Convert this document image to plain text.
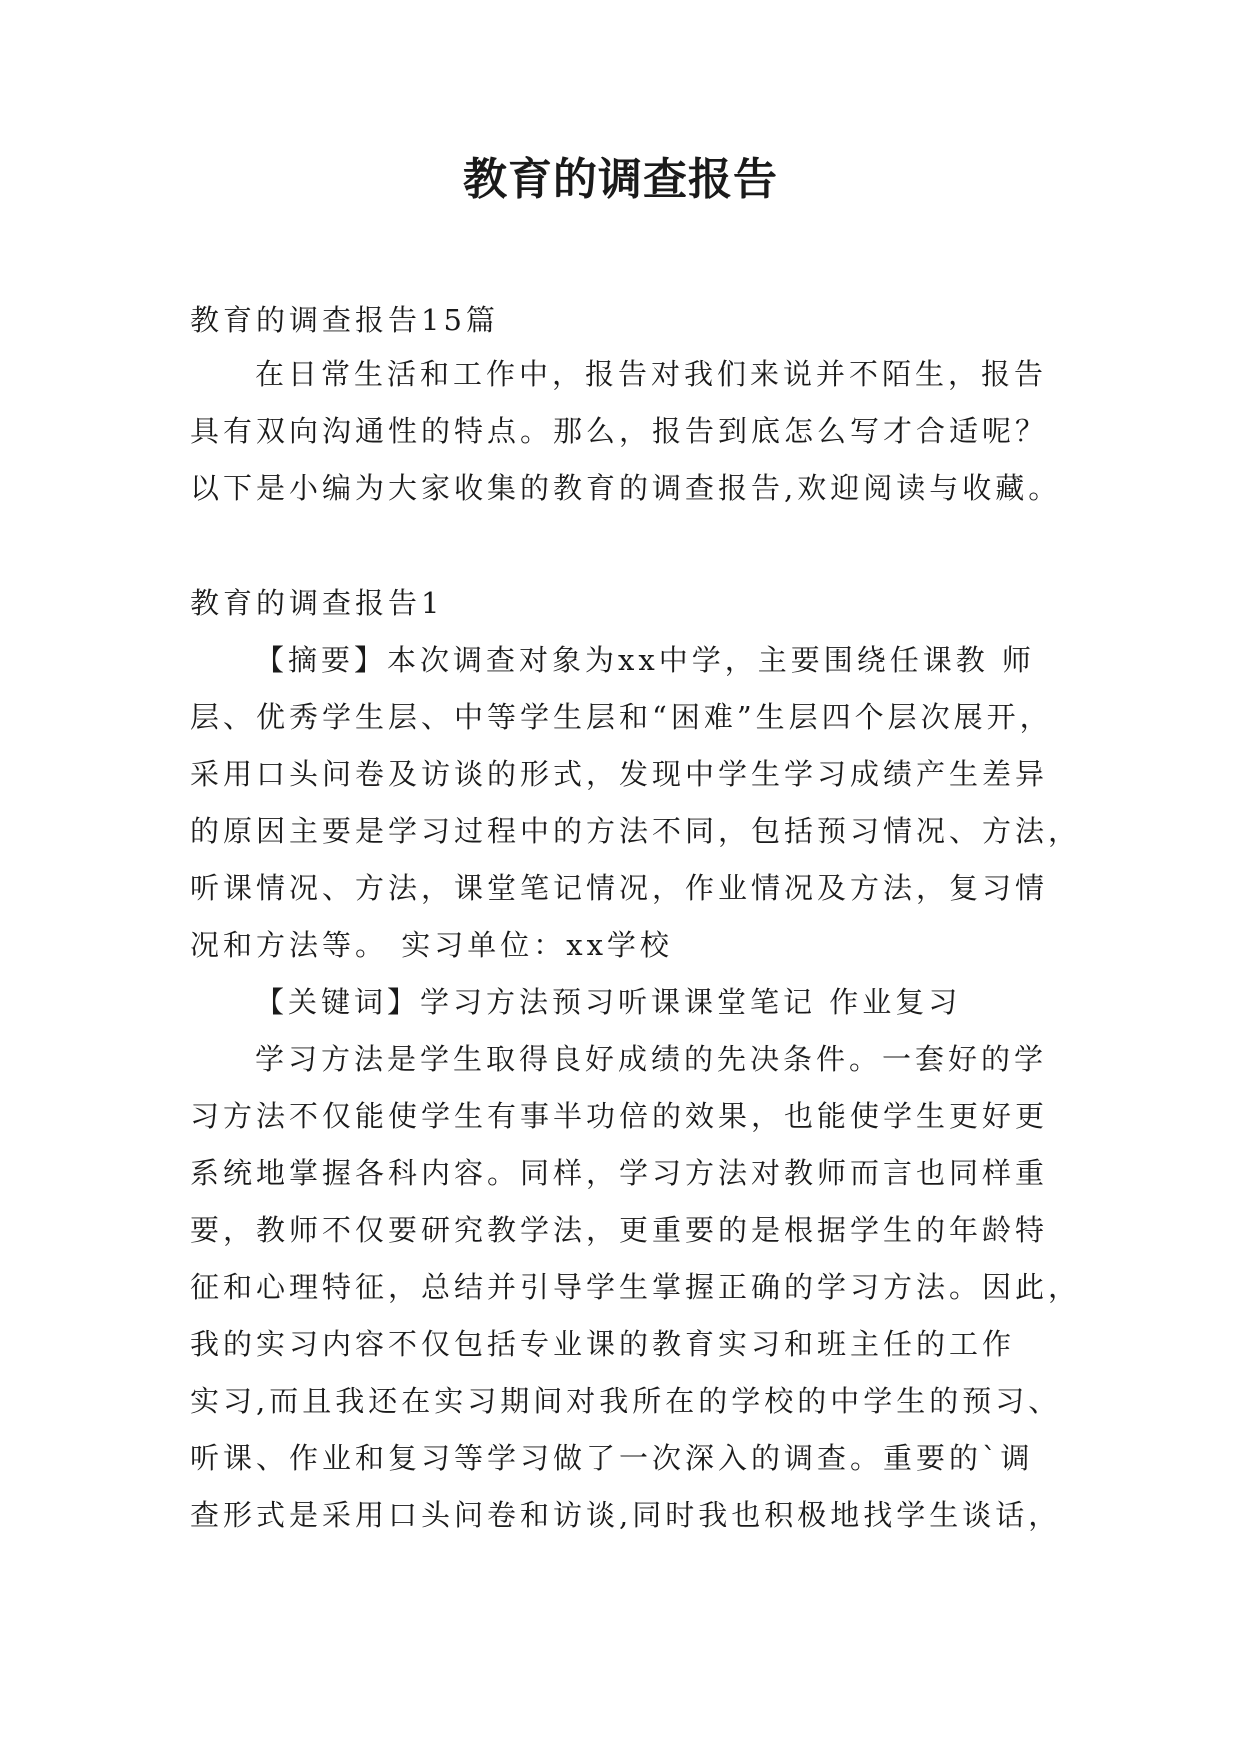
教育的调查报告
教育的调查报告15篇
在日常生活和工作中，报告对我们来说并不陌生，报告
具有双向沟通性的特点。那么，报告到底怎么写才合适呢？
以下是小编为大家收集的教育的调查报告,欢迎阅读与收藏。
教育的调查报告1
【摘要】本次调查对象为xx中学，主要围绕任课教 师
层、优秀学生层、中等学生层和“困难”生层四个层次展开，
采用口头问卷及访谈的形式，发现中学生学习成绩产生差异
的原因主要是学习过程中的方法不同，包括预习情况、方法，
听课情况、方法，课堂笔记情况，作业情况及方法，复习情
况和方法等。 实习单位：xx学校
【关键词】学习方法预习听课课堂笔记 作业复习
学习方法是学生取得良好成绩的先决条件。一套好的学
习方法不仅能使学生有事半功倍的效果，也能使学生更好更
系统地掌握各科内容。同样，学习方法对教师而言也同样重
要，教师不仅要研究教学法，更重要的是根据学生的年龄特
征和心理特征，总结并引导学生掌握正确的学习方法。因此，
我的实习内容不仅包括专业课的教育实习和班主任的工作
实习,而且我还在实习期间对我所在的学校的中学生的预习、
听课、作业和复习等学习做了一次深入的调查。重要的`调
查形式是采用口头问卷和访谈,同时我也积极地找学生谈话，
